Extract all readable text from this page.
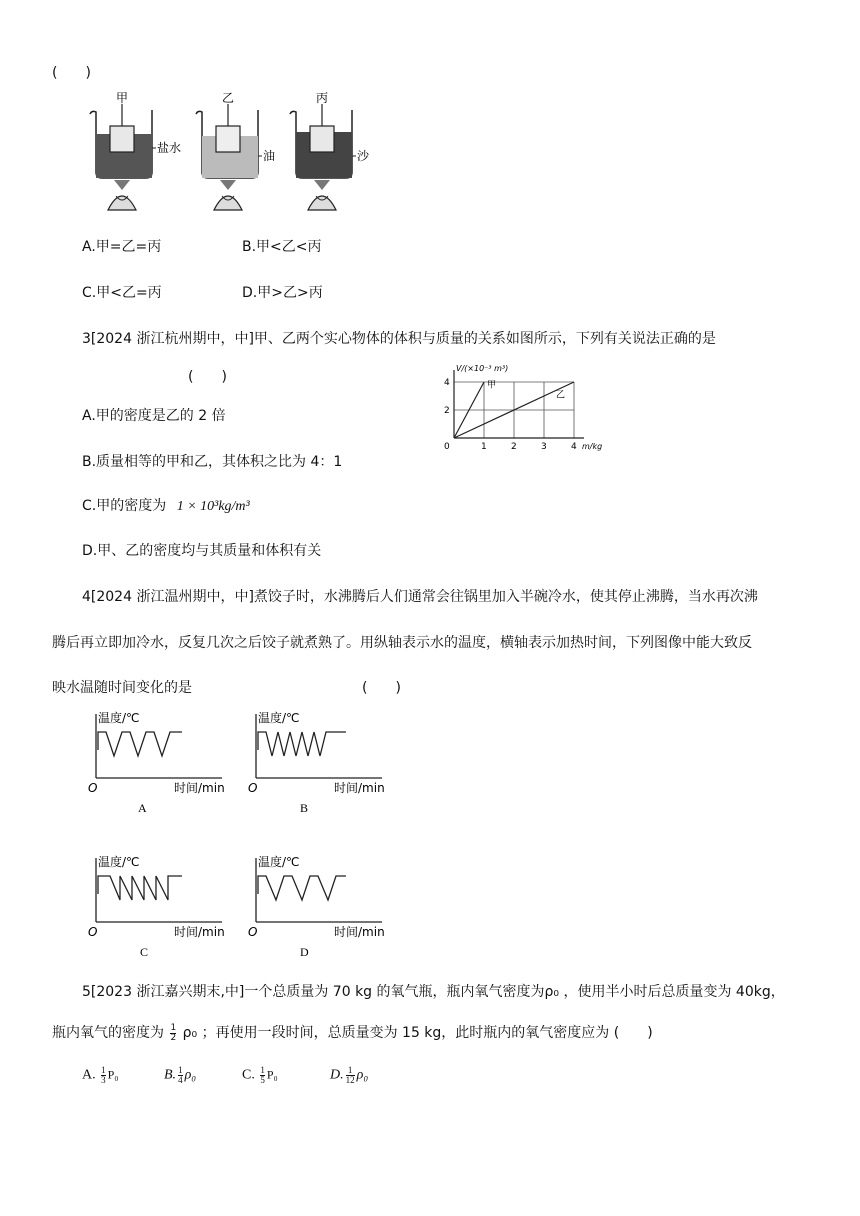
(　　)
甲
盐水
乙
油
丙
沙
A.甲=乙=丙	B.甲<乙<丙
C.甲<乙=丙	D.甲>乙>丙
3[2024 浙江杭州期中，中]甲、乙两个实心物体的体积与质量的关系如图所示，下列有关说法正确的是
(　　)
A.甲的密度是乙的 2 倍
B.质量相等的甲和乙，其体积之比为 4：1
C.甲的密度为 1 × 10³kg/m³
D.甲、乙的密度均与其质量和体积有关
0	1	2	3	4
2
4
V/(×10⁻³ m³)
m/kg
甲
乙
4[2024 浙江温州期中，中]煮饺子时，水沸腾后人们通常会往锅里加入半碗冷水，使其停止沸腾，当水再次沸
腾后再立即加冷水，反复几次之后饺子就煮熟了。用纵轴表示水的温度，横轴表示加热时间，下列图像中能大致反
映水温随时间变化的是	(　　)
温度/℃
O	时间/min
A
温度/℃
O	时间/min
B
温度/℃
O	时间/min
C
温度/℃
O	时间/min
D
5[2023 浙江嘉兴期末,中]一个总质量为 70 kg 的氧气瓶，瓶内氧气密度为ρ₀ ，使用半小时后总质量变为 40kg，
瓶内氧气的密度为 $\frac{1}{2} \rho_0$ ；再使用一段时间，总质量变为 15 kg，此时瓶内的氧气密度应为 (　　)
A. $\frac{1}{3} P_0$	B. $\frac{1}{4} \rho_0$	C. $\frac{1}{5} P_0$	D. $\frac{1}{12} \rho_0$
